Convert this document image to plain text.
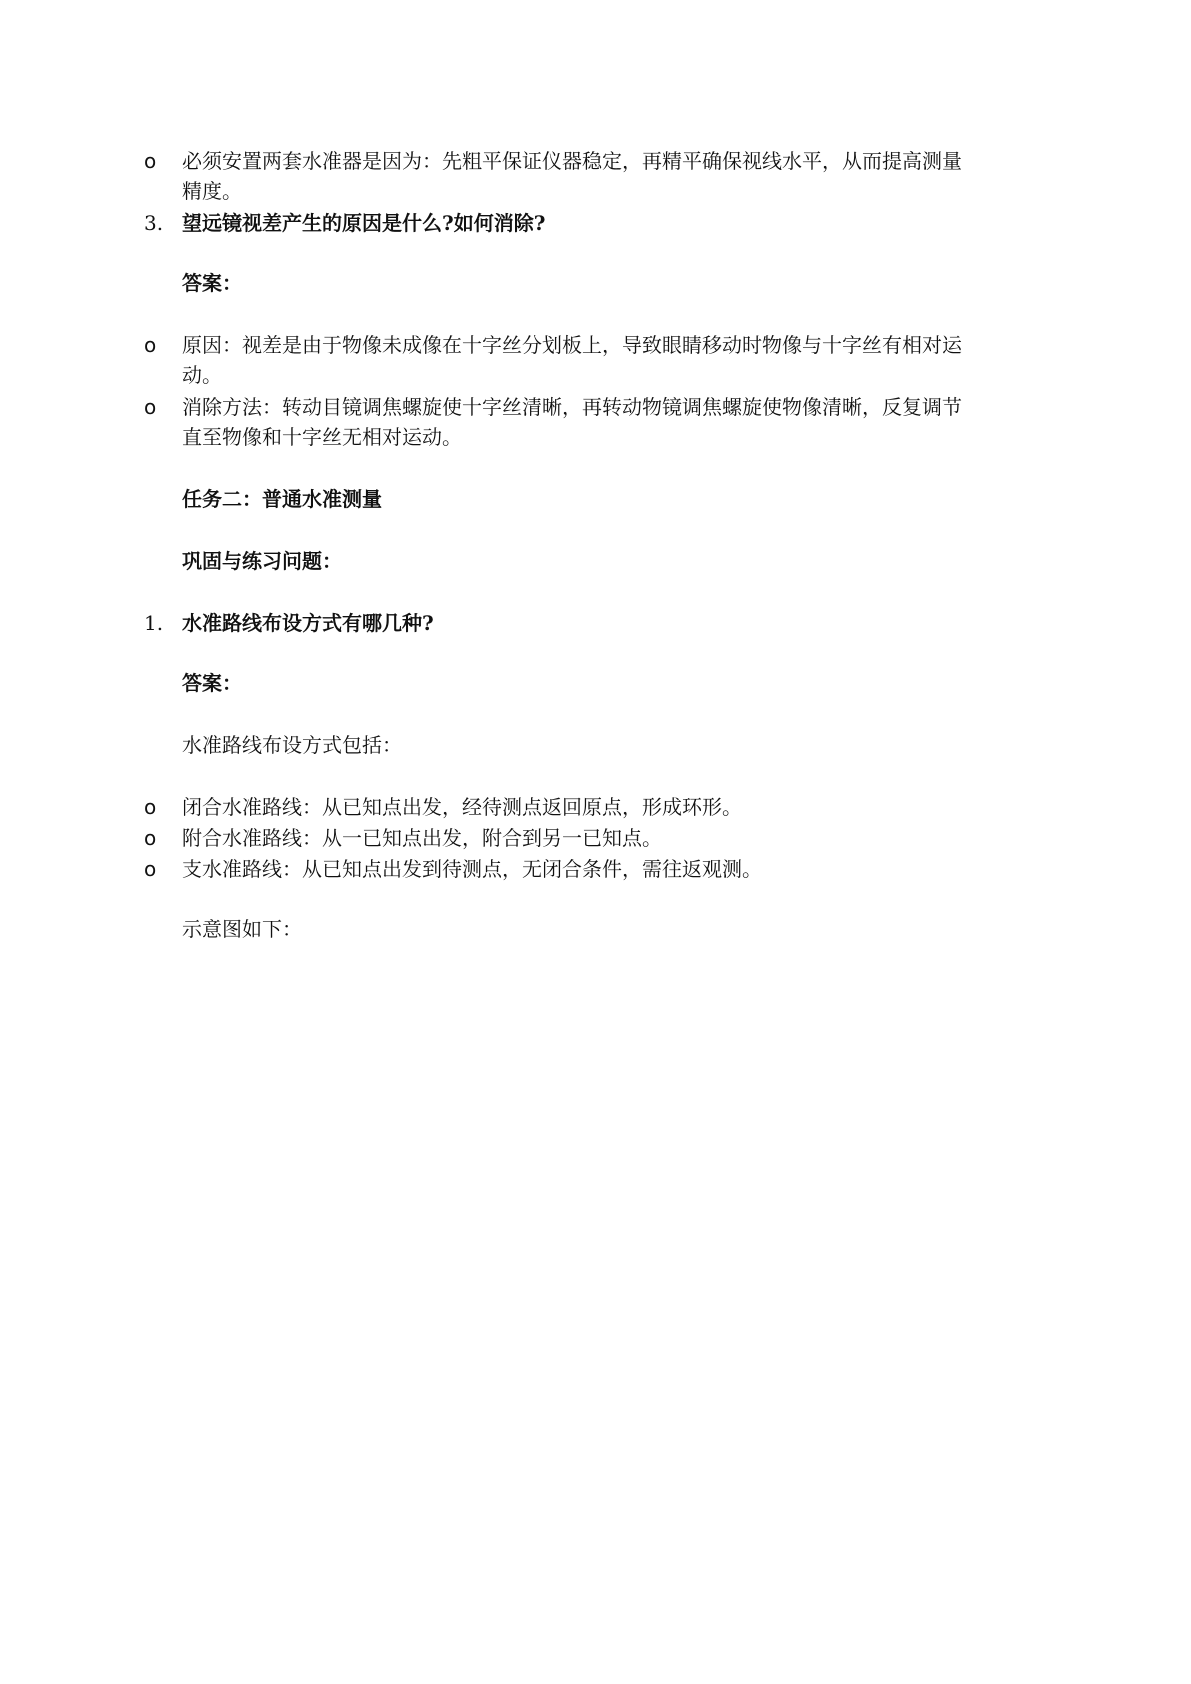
o 必须安置两套水准器是因为：先粗平保证仪器稳定，再精平确保视线水平，从而提高测量
精度。
3. 望远镜视差产生的原因是什么?如何消除?
答案：
o 原因：视差是由于物像未成像在十字丝分划板上，导致眼睛移动时物像与十字丝有相对运
动。
o 消除方法：转动目镜调焦螺旋使十字丝清晰，再转动物镜调焦螺旋使物像清晰，反复调节
直至物像和十字丝无相对运动。
任务二：普通水准测量
巩固与练习问题：
1. 水准路线布设方式有哪几种?
答案：
水准路线布设方式包括：
o 闭合水准路线：从已知点出发，经待测点返回原点，形成环形。
o 附合水准路线：从一已知点出发，附合到另一已知点。
o 支水准路线：从已知点出发到待测点，无闭合条件，需往返观测。
示意图如下：
